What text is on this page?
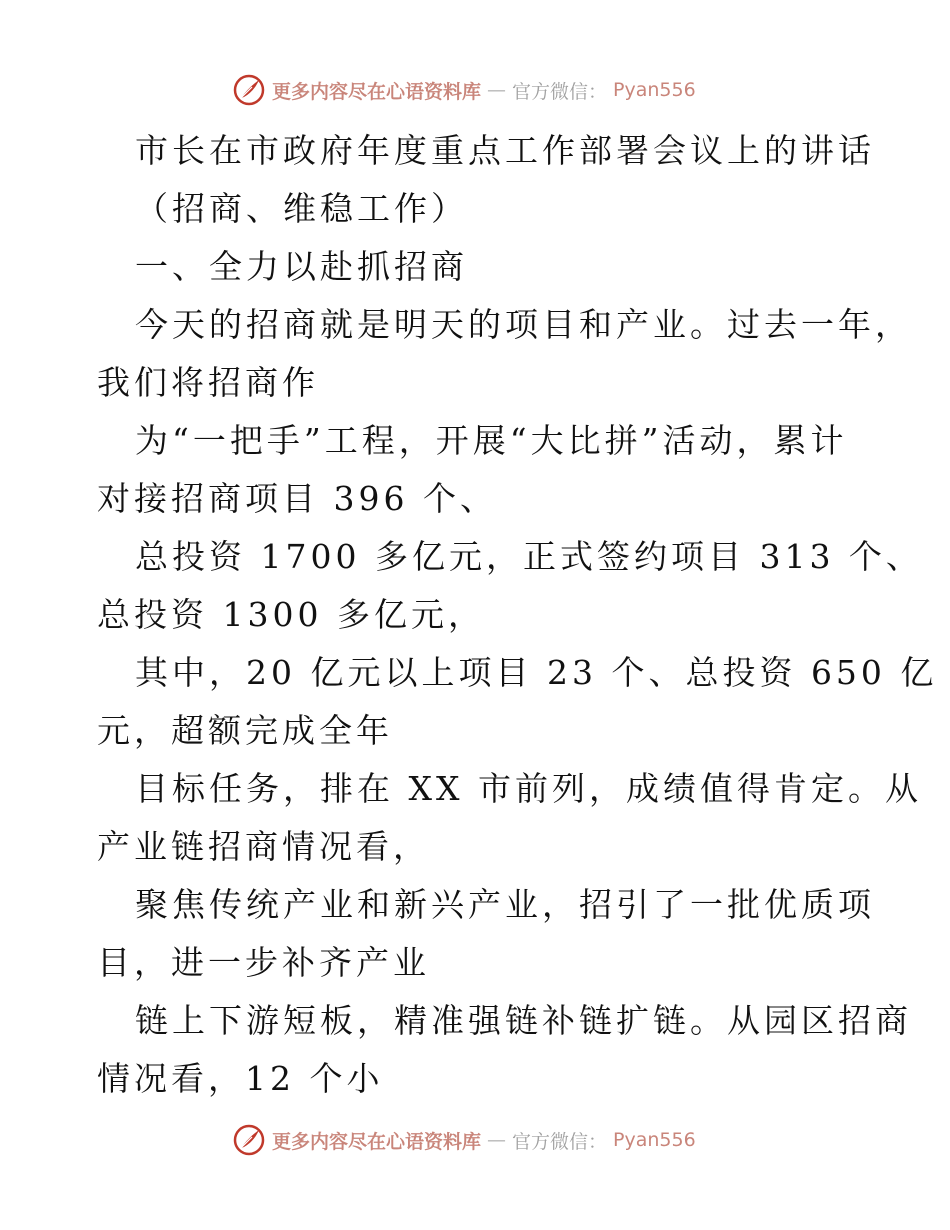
更多内容尽在心语资料库 — 官方微信： Pyan556
市长在市政府年度重点工作部署会议上的讲话
（招商、维稳工作）
一、全力以赴抓招商
今天的招商就是明天的项目和产业。过去一年，
我们将招商作
为“一把手”工程，开展“大比拼”活动，累计
对接招商项目 396 个、
总投资 1700 多亿元，正式签约项目 313 个、
总投资 1300 多亿元，
其中，20 亿元以上项目 23 个、总投资 650 亿
元，超额完成全年
目标任务，排在 XX 市前列，成绩值得肯定。从
产业链招商情况看，
聚焦传统产业和新兴产业，招引了一批优质项
目，进一步补齐产业
链上下游短板，精准强链补链扩链。从园区招商
情况看，12 个小
更多内容尽在心语资料库 — 官方微信： Pyan556
